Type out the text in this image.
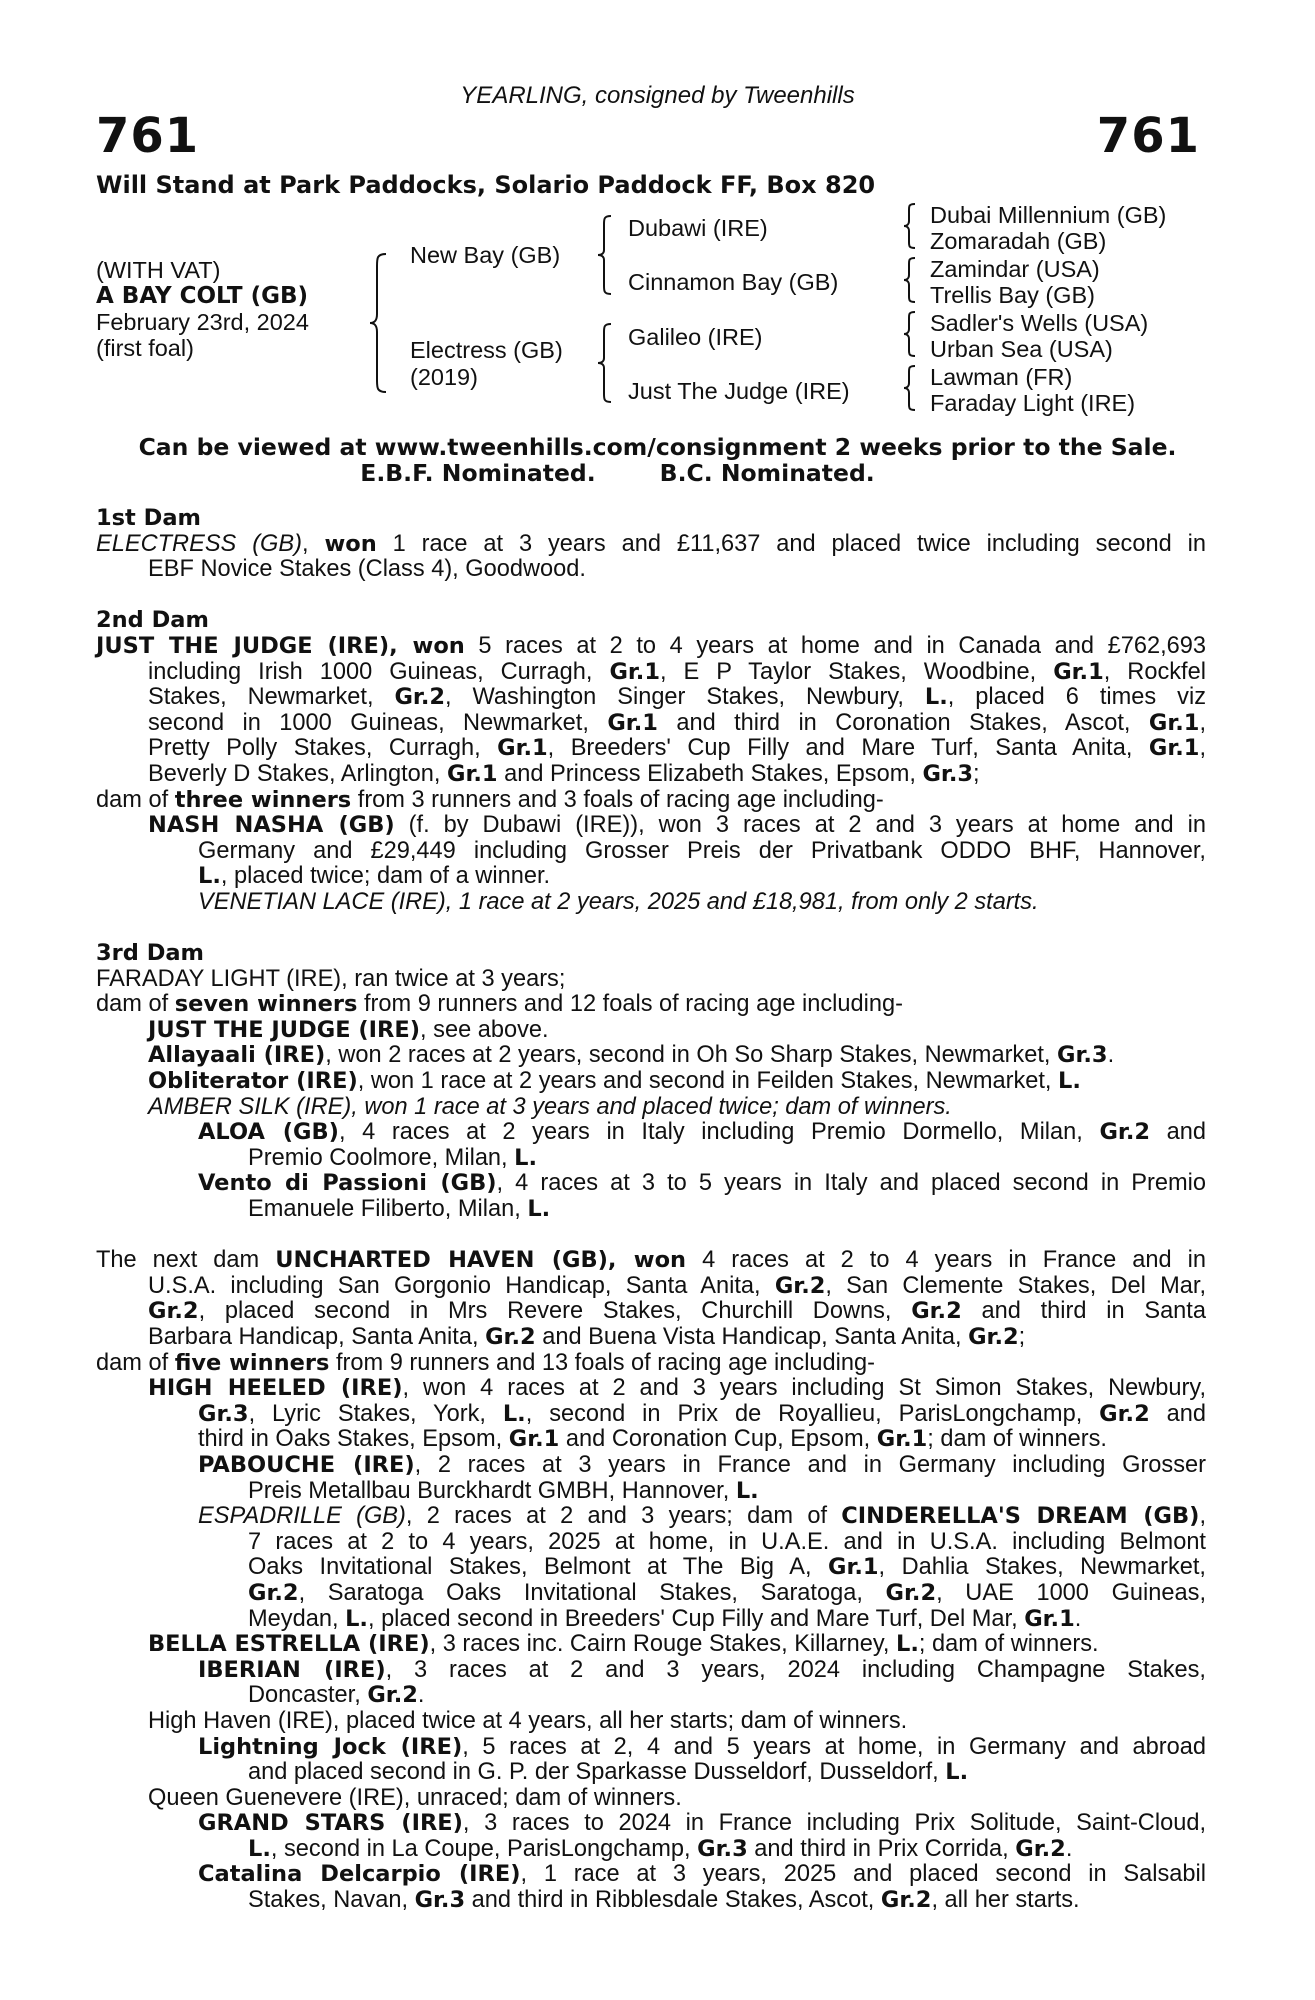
YEARLING, consigned by Tweenhills
761	761
Will Stand at Park Paddocks, Solario Paddock FF, Box 820
(WITH VAT)
A BAY COLT (GB)
February 23rd, 2024
(first foal)
New Bay (GB)
Electress (GB)
(2019)
Dubawi (IRE)
Cinnamon Bay (GB)
Galileo (IRE)
Just The Judge (IRE)
Dubai Millennium (GB)
Zomaradah (GB)
Zamindar (USA)
Trellis Bay (GB)
Sadler's Wells (USA)
Urban Sea (USA)
Lawman (FR)
Faraday Light (IRE)
Can be viewed at www.tweenhills.com/consignment 2 weeks prior to the Sale.
E.B.F. Nominated.	B.C. Nominated.
1st Dam
ELECTRESS (GB), won 1 race at 3 years and £11,637 and placed twice including second in
EBF Novice Stakes (Class 4), Goodwood.
2nd Dam
JUST THE JUDGE (IRE), won 5 races at 2 to 4 years at home and in Canada and £762,693
including Irish 1000 Guineas, Curragh, Gr.1, E P Taylor Stakes, Woodbine, Gr.1, Rockfel
Stakes, Newmarket, Gr.2, Washington Singer Stakes, Newbury, L., placed 6 times viz
second in 1000 Guineas, Newmarket, Gr.1 and third in Coronation Stakes, Ascot, Gr.1,
Pretty Polly Stakes, Curragh, Gr.1, Breeders' Cup Filly and Mare Turf, Santa Anita, Gr.1,
Beverly D Stakes, Arlington, Gr.1 and Princess Elizabeth Stakes, Epsom, Gr.3;
dam of three winners from 3 runners and 3 foals of racing age including-
NASH NASHA (GB) (f. by Dubawi (IRE)), won 3 races at 2 and 3 years at home and in
Germany and £29,449 including Grosser Preis der Privatbank ODDO BHF, Hannover,
L., placed twice; dam of a winner.
VENETIAN LACE (IRE), 1 race at 2 years, 2025 and £18,981, from only 2 starts.
3rd Dam
FARADAY LIGHT (IRE), ran twice at 3 years;
dam of seven winners from 9 runners and 12 foals of racing age including-
JUST THE JUDGE (IRE), see above.
Allayaali (IRE), won 2 races at 2 years, second in Oh So Sharp Stakes, Newmarket, Gr.3.
Obliterator (IRE), won 1 race at 2 years and second in Feilden Stakes, Newmarket, L.
AMBER SILK (IRE), won 1 race at 3 years and placed twice; dam of winners.
ALOA (GB), 4 races at 2 years in Italy including Premio Dormello, Milan, Gr.2 and
Premio Coolmore, Milan, L.
Vento di Passioni (GB), 4 races at 3 to 5 years in Italy and placed second in Premio
Emanuele Filiberto, Milan, L.
The next dam UNCHARTED HAVEN (GB), won 4 races at 2 to 4 years in France and in
U.S.A. including San Gorgonio Handicap, Santa Anita, Gr.2, San Clemente Stakes, Del Mar,
Gr.2, placed second in Mrs Revere Stakes, Churchill Downs, Gr.2 and third in Santa
Barbara Handicap, Santa Anita, Gr.2 and Buena Vista Handicap, Santa Anita, Gr.2;
dam of five winners from 9 runners and 13 foals of racing age including-
HIGH HEELED (IRE), won 4 races at 2 and 3 years including St Simon Stakes, Newbury,
Gr.3, Lyric Stakes, York, L., second in Prix de Royallieu, ParisLongchamp, Gr.2 and
third in Oaks Stakes, Epsom, Gr.1 and Coronation Cup, Epsom, Gr.1; dam of winners.
PABOUCHE (IRE), 2 races at 3 years in France and in Germany including Grosser
Preis Metallbau Burckhardt GMBH, Hannover, L.
ESPADRILLE (GB), 2 races at 2 and 3 years; dam of CINDERELLA'S DREAM (GB),
7 races at 2 to 4 years, 2025 at home, in U.A.E. and in U.S.A. including Belmont
Oaks Invitational Stakes, Belmont at The Big A, Gr.1, Dahlia Stakes, Newmarket,
Gr.2, Saratoga Oaks Invitational Stakes, Saratoga, Gr.2, UAE 1000 Guineas,
Meydan, L., placed second in Breeders' Cup Filly and Mare Turf, Del Mar, Gr.1.
BELLA ESTRELLA (IRE), 3 races inc. Cairn Rouge Stakes, Killarney, L.; dam of winners.
IBERIAN (IRE), 3 races at 2 and 3 years, 2024 including Champagne Stakes,
Doncaster, Gr.2.
High Haven (IRE), placed twice at 4 years, all her starts; dam of winners.
Lightning Jock (IRE), 5 races at 2, 4 and 5 years at home, in Germany and abroad
and placed second in G. P. der Sparkasse Dusseldorf, Dusseldorf, L.
Queen Guenevere (IRE), unraced; dam of winners.
GRAND STARS (IRE), 3 races to 2024 in France including Prix Solitude, Saint-Cloud,
L., second in La Coupe, ParisLongchamp, Gr.3 and third in Prix Corrida, Gr.2.
Catalina Delcarpio (IRE), 1 race at 3 years, 2025 and placed second in Salsabil
Stakes, Navan, Gr.3 and third in Ribblesdale Stakes, Ascot, Gr.2, all her starts.
